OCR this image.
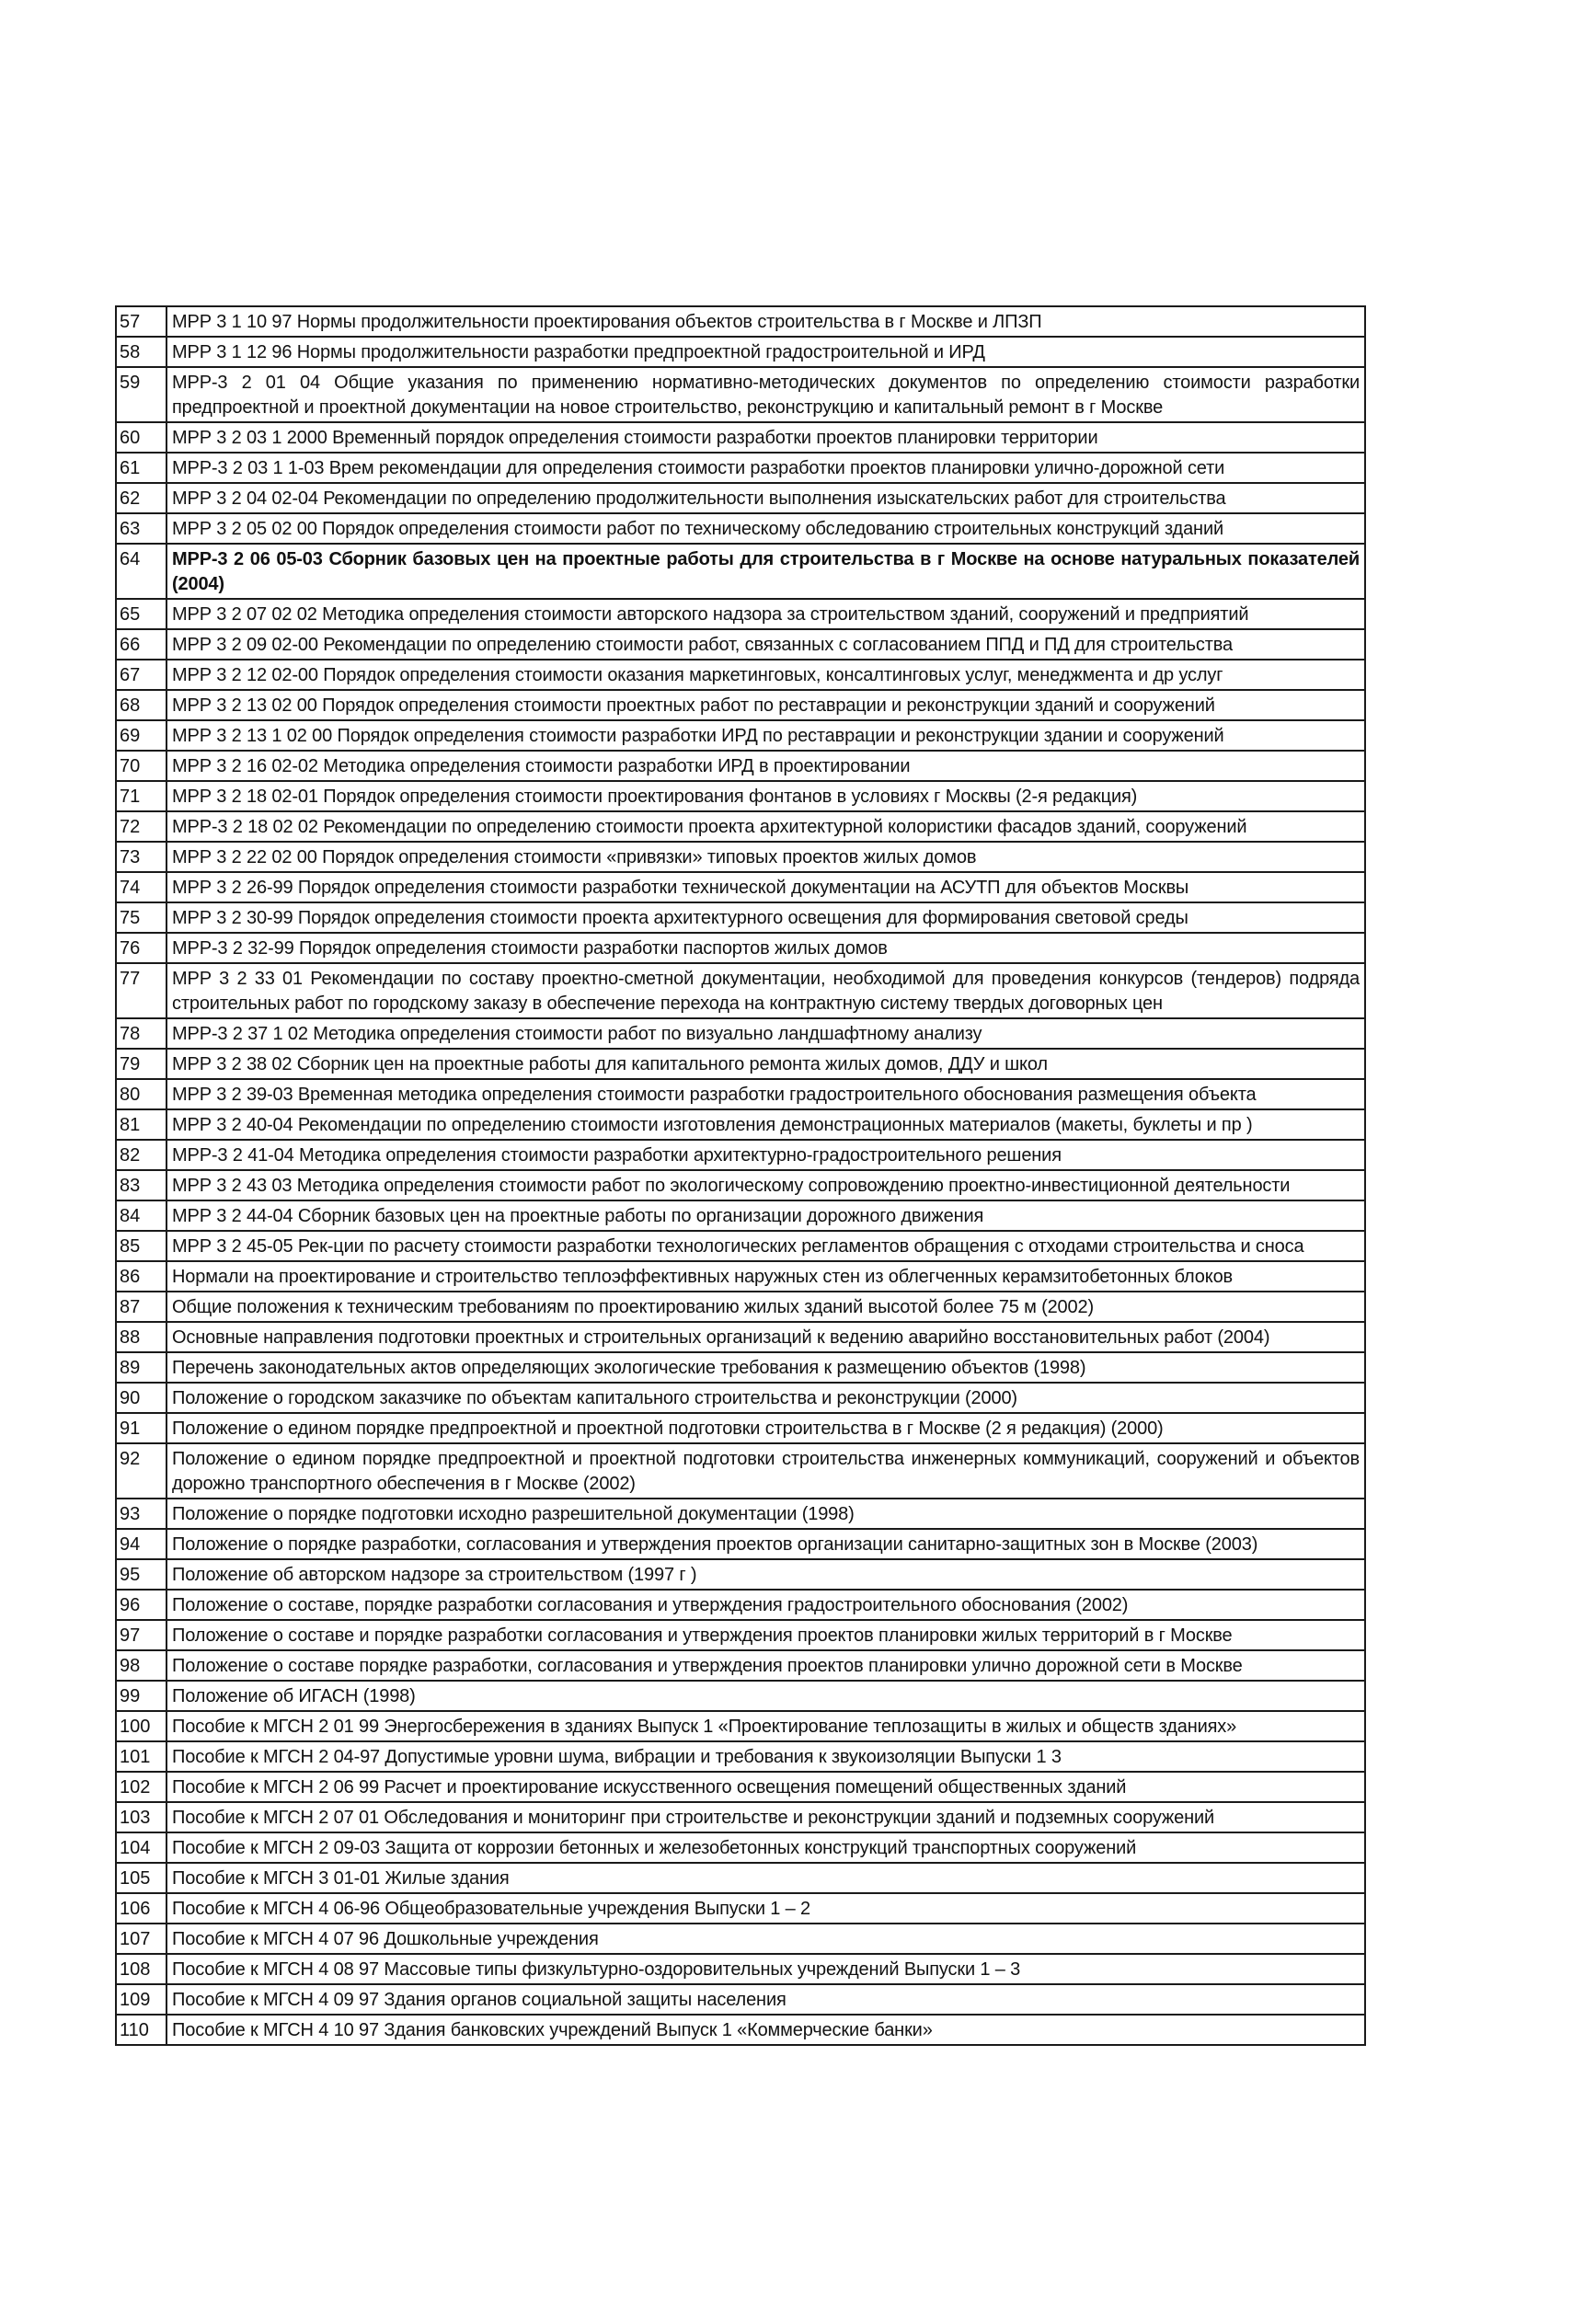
57	МРР 3 1 10 97 Нормы продолжительности проектирования объектов строительства в г Москве и ЛПЗП
58	МРР 3 1 12 96 Нормы продолжительности разработки предпроектной градостроительной и ИРД
59	МРР-3 2 01 04 Общие указания по применению нормативно-методических документов по определению стоимости разработки предпроектной и проектной документации на новое строительство, реконструкцию и капитальный ремонт в г Москве
60	МРР 3 2 03 1 2000 Временный порядок определения стоимости разработки проектов планировки территории
61	МРР-3 2 03 1 1-03 Врем рекомендации для определения стоимости разработки проектов планировки улично-дорожной сети
62	МРР 3 2 04 02-04 Рекомендации по определению продолжительности выполнения изыскательских работ для строительства
63	МРР 3 2 05 02 00 Порядок определения стоимости работ по техническому обследованию строительных конструкций зданий
64	МРР-3 2 06 05-03 Сборник базовых цен на проектные работы для строительства в г Москве на основе натуральных показателей (2004)
65	МРР 3 2 07 02 02 Методика определения стоимости авторского надзора за строительством зданий, сооружений и предприятий
66	МРР 3 2 09 02-00 Рекомендации по определению стоимости работ, связанных с согласованием ППД и ПД для строительства
67	МРР 3 2 12 02-00 Порядок определения стоимости оказания маркетинговых, консалтинговых услуг, менеджмента и др услуг
68	МРР 3 2 13 02 00 Порядок определения стоимости проектных работ по реставрации и реконструкции зданий и сооружений
69	МРР 3 2 13 1 02 00 Порядок определения стоимости разработки ИРД по реставрации и реконструкции здании и сооружений
70	МРР 3 2 16 02-02 Методика определения стоимости разработки ИРД в проектировании
71	МРР 3 2 18 02-01 Порядок определения стоимости проектирования фонтанов в условиях г Москвы (2-я редакция)
72	МРР-3 2 18 02 02 Рекомендации по определению стоимости проекта архитектурной колористики фасадов зданий, сооружений
73	МРР 3 2 22 02 00 Порядок определения стоимости «привязки» типовых проектов жилых домов
74	МРР 3 2 26-99 Порядок определения стоимости разработки технической документации на АСУТП для объектов Москвы
75	МРР 3 2 30-99 Порядок определения стоимости проекта архитектурного освещения для формирования световой среды
76	МРР-3 2 32-99 Порядок определения стоимости разработки паспортов жилых домов
77	МРР 3 2 33 01 Рекомендации по составу проектно-сметной документации, необходимой для проведения конкурсов (тендеров) подряда строительных работ по городскому заказу в обеспечение перехода на контрактную систему твердых договорных цен
78	МРР-3 2 37 1 02 Методика определения стоимости работ по визуально ландшафтному анализу
79	МРР 3 2 38 02 Сборник цен на проектные работы для капитального ремонта жилых домов, ДДУ и школ
80	МРР 3 2 39-03 Временная методика определения стоимости разработки градостроительного обоснования размещения объекта
81	МРР 3 2 40-04 Рекомендации по определению стоимости изготовления демонстрационных материалов (макеты, буклеты и пр )
82	МРР-3 2 41-04 Методика определения стоимости разработки архитектурно-градостроительного решения
83	МРР 3 2 43 03 Методика определения стоимости работ по экологическому сопровождению проектно-инвестиционной деятельности
84	МРР 3 2 44-04 Сборник базовых цен на проектные работы по организации дорожного движения
85	МРР 3 2 45-05 Рек-ции по расчету стоимости разработки технологических регламентов обращения с отходами строительства и сноса
86	Нормали на проектирование и строительство теплоэффективных наружных стен из облегченных керамзитобетонных блоков
87	Общие положения к техническим требованиям по проектированию жилых зданий высотой более 75 м (2002)
88	Основные направления подготовки проектных и строительных организаций к ведению аварийно восстановительных работ (2004)
89	Перечень законодательных актов определяющих экологические требования к размещению объектов (1998)
90	Положение о городском заказчике по объектам капитального строительства и реконструкции (2000)
91	Положение о едином порядке предпроектной и проектной подготовки строительства в г Москве (2 я редакция) (2000)
92	Положение о едином порядке предпроектной и проектной подготовки строительства инженерных коммуникаций, сооружений и объектов дорожно транспортного обеспечения в г Москве (2002)
93	Положение о порядке подготовки исходно разрешительной документации (1998)
94	Положение о порядке разработки, согласования и утверждения проектов организации санитарно-защитных зон в Москве (2003)
95	Положение об авторском надзоре за строительством (1997 г )
96	Положение о составе, порядке разработки согласования и утверждения градостроительного обоснования (2002)
97	Положение о составе и порядке разработки согласования и утверждения проектов планировки жилых территорий в г Москве
98	Положение о составе порядке разработки, согласования и утверждения проектов планировки улично дорожной сети в Москве
99	Положение об ИГАСН (1998)
100	Пособие к МГСН 2 01 99 Энергосбережения в зданиях Выпуск 1 «Проектирование теплозащиты в жилых и обществ зданиях»
101	Пособие к МГСН 2 04-97 Допустимые уровни шума, вибрации и требования к звукоизоляции Выпуски 1 3
102	Пособие к МГСН 2 06 99 Расчет и проектирование искусственного освещения помещений общественных зданий
103	Пособие к МГСН 2 07 01 Обследования и мониторинг при строительстве и реконструкции зданий и подземных сооружений
104	Пособие к МГСН 2 09-03 Защита от коррозии бетонных и железобетонных конструкций транспортных сооружений
105	Пособие к МГСН 3 01-01 Жилые здания
106	Пособие к МГСН 4 06-96 Общеобразовательные учреждения Выпуски 1 – 2
107	Пособие к МГСН 4 07 96 Дошкольные учреждения
108	Пособие к МГСН 4 08 97 Массовые типы физкультурно-оздоровительных учреждений Выпуски 1 – 3
109	Пособие к МГСН 4 09 97 Здания органов социальной защиты населения
110	Пособие к МГСН 4 10 97 Здания банковских учреждений Выпуск 1 «Коммерческие банки»
